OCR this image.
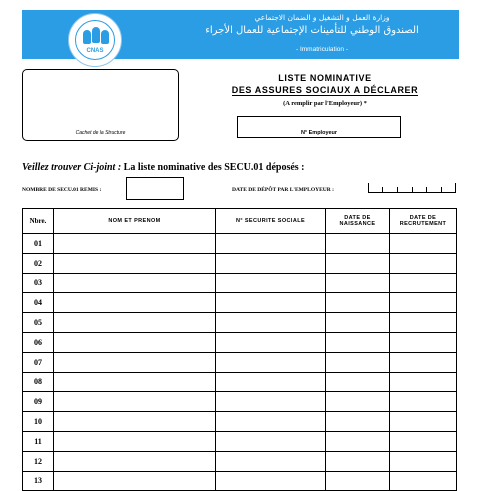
CNAS
وزارة العمل و التشغيل و الضمان الاجتماعي
الصندوق الوطني للتأمينات الإجتماعية للعمال الأجراء
- Immatriculation -
Cachet de la Structure
LISTE NOMINATIVE
DES ASSURES SOCIAUX A DÉCLARER
(A remplir par l'Employeur) *
N° Employeur
Veillez trouver Ci-joint : La liste nominative des SECU.01 déposés :
NOMBRE DE SECU.01 REMIS :	DATE DE DÉPÔT PAR L'EMPLOYEUR :
Nbre.	NOM ET PRENOM	N° SECURITE SOCIALE	DATE DE NAISSANCE	DATE DE RECRUTEMENT
01				
02				
03				
04				
05				
06				
07				
08				
09				
10				
11				
12				
13				
